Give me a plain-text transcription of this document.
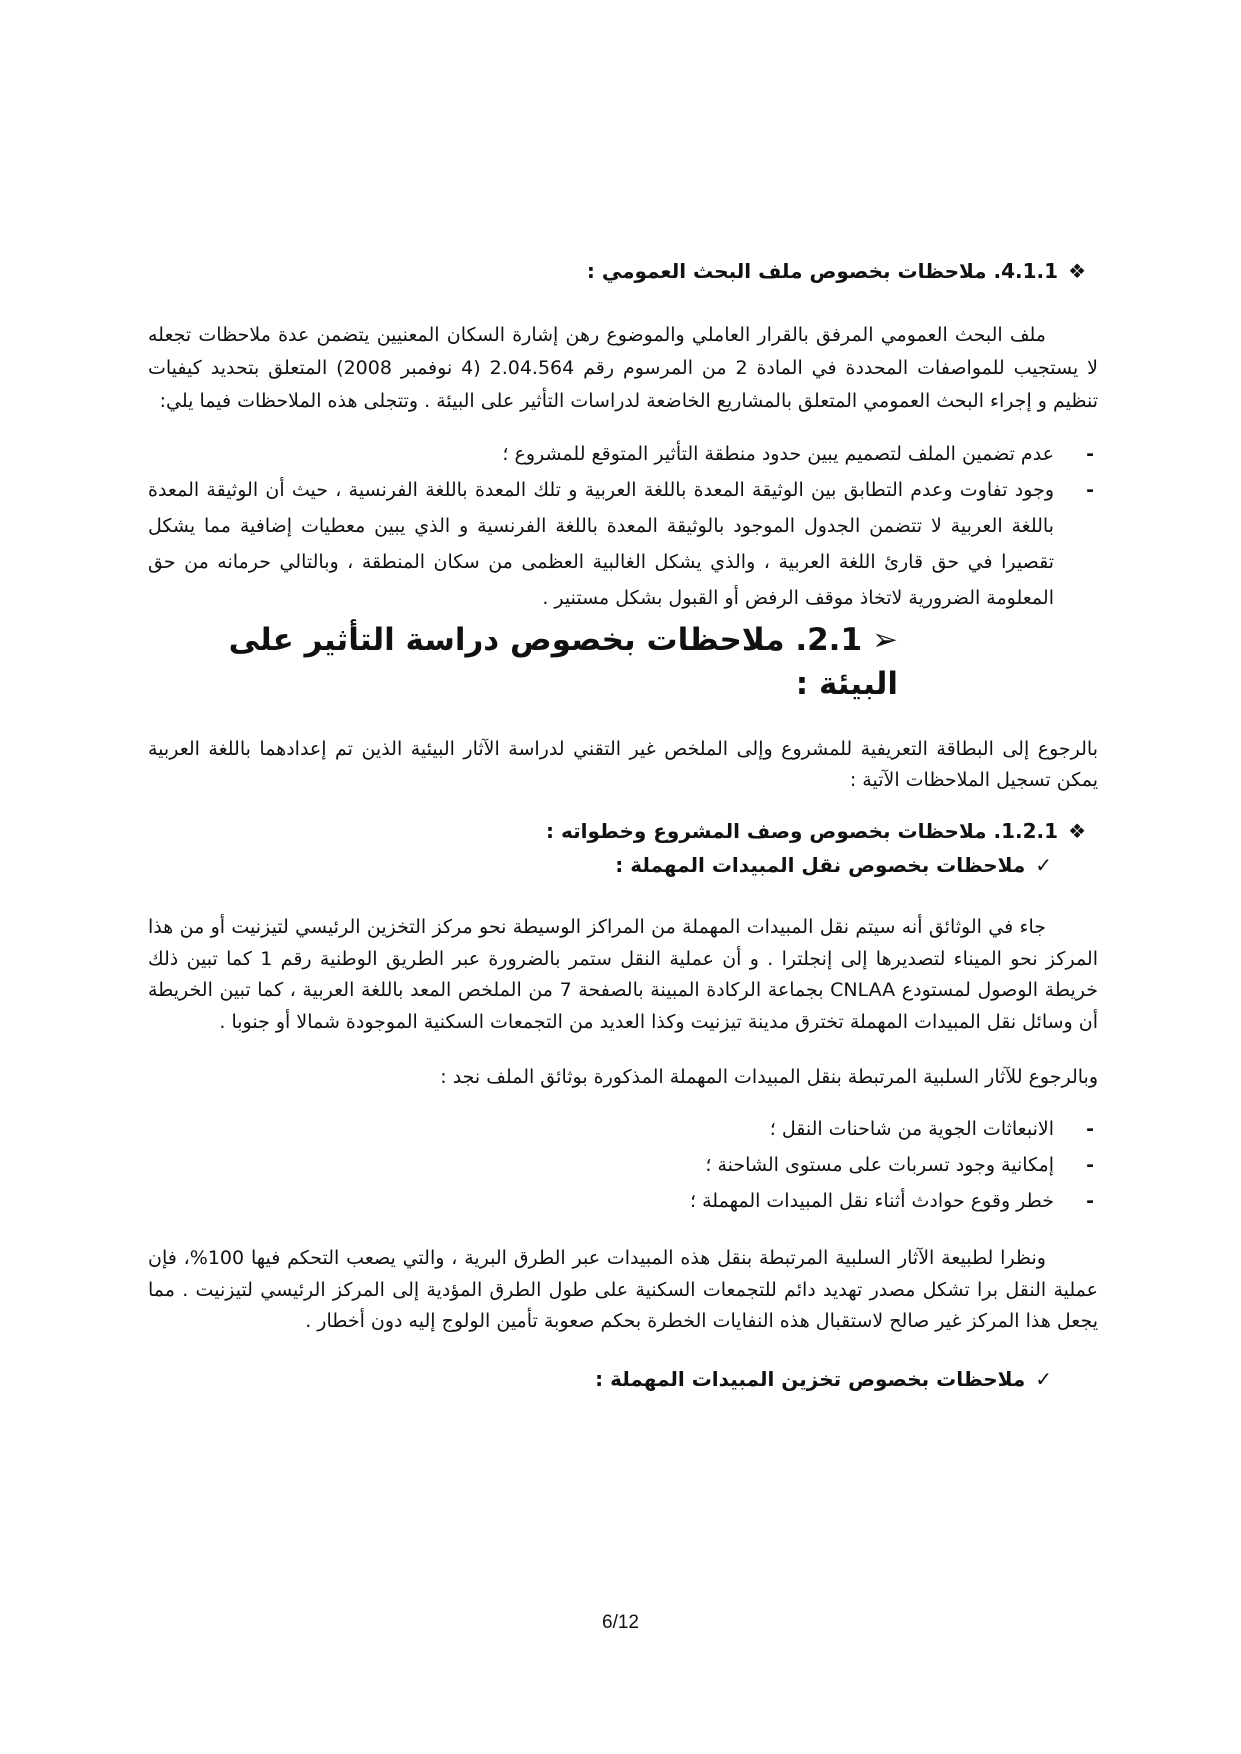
❖4.1.1. ملاحظات بخصوص ملف البحث العمومي :

ملف البحث العمومي المرفق بالقرار العاملي والموضوع رهن إشارة السكان المعنيين يتضمن عدة ملاحظات تجعله لا يستجيب للمواصفات المحددة في المادة 2 من المرسوم رقم 2.04.564 (4 نوفمبر 2008) المتعلق بتحديد كيفيات تنظيم و إجراء البحث العمومي المتعلق بالمشاريع الخاضعة لدراسات التأثير على البيئة . وتتجلى هذه الملاحظات فيما يلي:

-
عدم تضمين الملف لتصميم يبين حدود منطقة التأثير المتوقع للمشروع ؛
-
وجود تفاوت وعدم التطابق بين الوثيقة المعدة باللغة العربية و تلك المعدة باللغة الفرنسية ، حيث أن الوثيقة المعدة باللغة العربية لا تتضمن الجدول الموجود بالوثيقة المعدة باللغة الفرنسية و الذي يبين معطيات إضافية مما يشكل تقصيرا في حق قارئ اللغة العربية ، والذي يشكل الغالبية العظمى من سكان المنطقة ، وبالتالي حرمانه من حق المعلومة الضرورية لاتخاذ موقف الرفض أو القبول بشكل مستنير .
➢2.1. ملاحظات بخصوص دراسة التأثير على البيئة :

بالرجوع إلى البطاقة التعريفية للمشروع وإلى الملخص غير التقني لدراسة الآثار البيئية الذين تم إعدادهما باللغة العربية يمكن تسجيل الملاحظات الآتية :

❖1.2.1. ملاحظات بخصوص وصف المشروع وخطواته :
✓ملاحظات بخصوص نقل المبيدات المهملة :

جاء في الوثائق أنه سيتم نقل المبيدات المهملة من المراكز الوسيطة نحو مركز التخزين الرئيسي لتيزنيت أو من هذا المركز نحو الميناء لتصديرها إلى إنجلترا . و أن عملية النقل ستمر بالضرورة عبر الطريق الوطنية رقم 1 كما تبين ذلك خريطة الوصول لمستودع CNLAA بجماعة الركادة المبينة بالصفحة 7 من الملخص المعد باللغة العربية ، كما تبين الخريطة أن وسائل نقل المبيدات المهملة تخترق مدينة تيزنيت وكذا العديد من التجمعات السكنية الموجودة شمالا أو جنوبا .

وبالرجوع للآثار السلبية المرتبطة بنقل المبيدات المهملة المذكورة بوثائق الملف نجد :

-
الانبعاثات الجوية من شاحنات النقل ؛
-
إمكانية وجود تسربات على مستوى الشاحنة ؛
-
خطر وقوع حوادث أثناء نقل المبيدات المهملة ؛

ونظرا لطبيعة الآثار السلبية المرتبطة بنقل هذه المبيدات عبر الطرق البرية ، والتي يصعب التحكم فيها 100%، فإن عملية النقل برا تشكل مصدر تهديد دائم للتجمعات السكنية على طول الطرق المؤدية إلى المركز الرئيسي لتيزنيت . مما يجعل هذا المركز غير صالح لاستقبال هذه النفايات الخطرة بحكم صعوبة تأمين الولوج إليه دون أخطار .

✓ملاحظات بخصوص تخزين المبيدات المهملة :
6/12
